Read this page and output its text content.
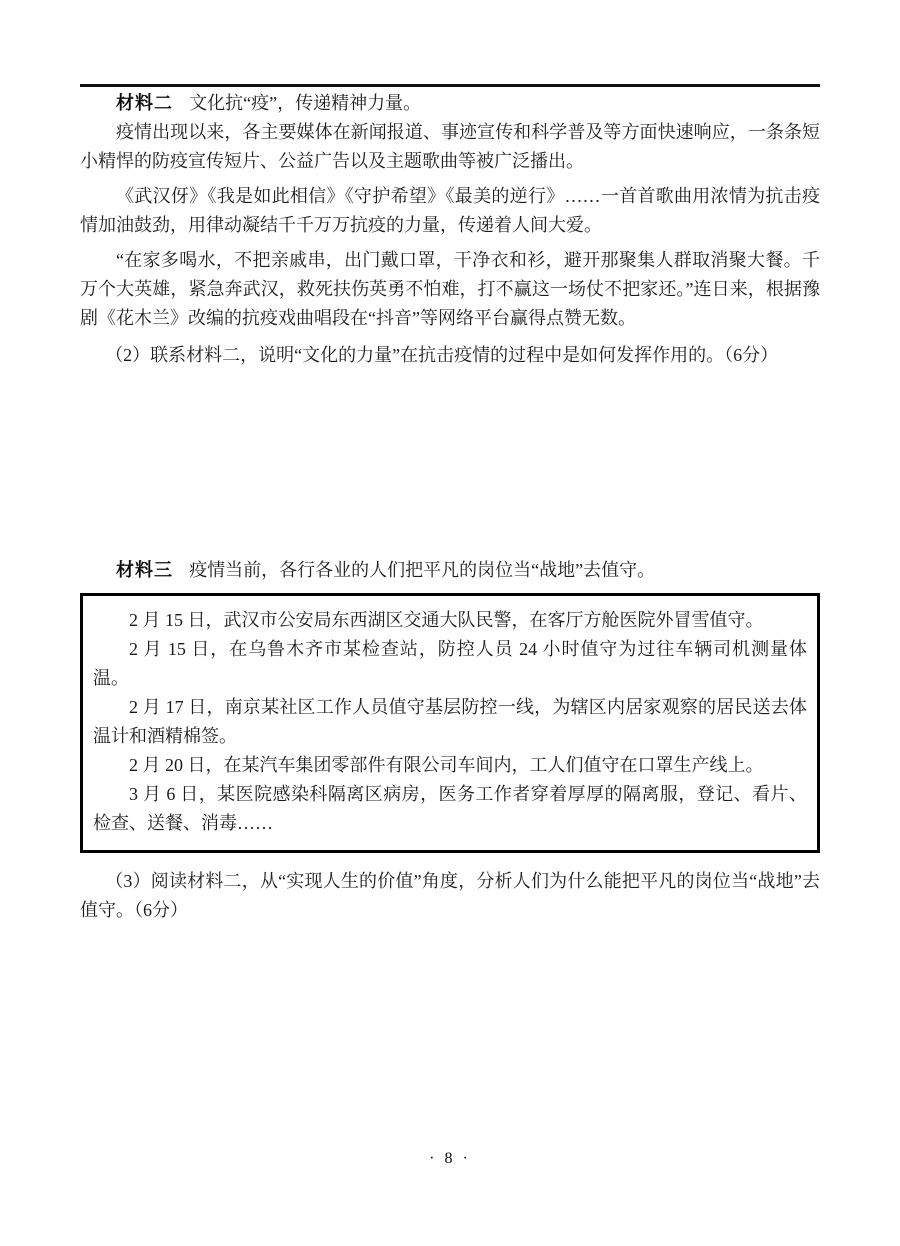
材料二 文化抗“疫”，传递精神力量。

疫情出现以来，各主要媒体在新闻报道、事迹宣传和科学普及等方面快速响应，一条条短小精悍的防疫宣传短片、公益广告以及主题歌曲等被广泛播出。

《武汉伢》《我是如此相信》《守护希望》《最美的逆行》……一首首歌曲用浓情为抗击疫情加油鼓劲，用律动凝结千千万万抗疫的力量，传递着人间大爱。

“在家多喝水，不把亲戚串，出门戴口罩，干净衣和衫，避开那聚集人群取消聚大餐。千万个大英雄，紧急奔武汉，救死扶伤英勇不怕难，打不赢这一场仗不把家还。”连日来，根据豫剧《花木兰》改编的抗疫戏曲唱段在“抖音”等网络平台赢得点赞无数。

（2）联系材料二，说明“文化的力量”在抗击疫情的过程中是如何发挥作用的。（6分）

材料三 疫情当前，各行各业的人们把平凡的岗位当“战地”去值守。

2 月 15 日，武汉市公安局东西湖区交通大队民警，在客厅方舱医院外冒雪值守。

2 月 15 日，在乌鲁木齐市某检查站，防控人员 24 小时值守为过往车辆司机测量体温。

2 月 17 日，南京某社区工作人员值守基层防控一线，为辖区内居家观察的居民送去体温计和酒精棉签。

2 月 20 日，在某汽车集团零部件有限公司车间内，工人们值守在口罩生产线上。

3 月 6 日，某医院感染科隔离区病房，医务工作者穿着厚厚的隔离服，登记、看片、检查、送餐、消毒……

（3）阅读材料二，从“实现人生的价值”角度，分析人们为什么能把平凡的岗位当“战地”去值守。（6分）

· 8 ·
